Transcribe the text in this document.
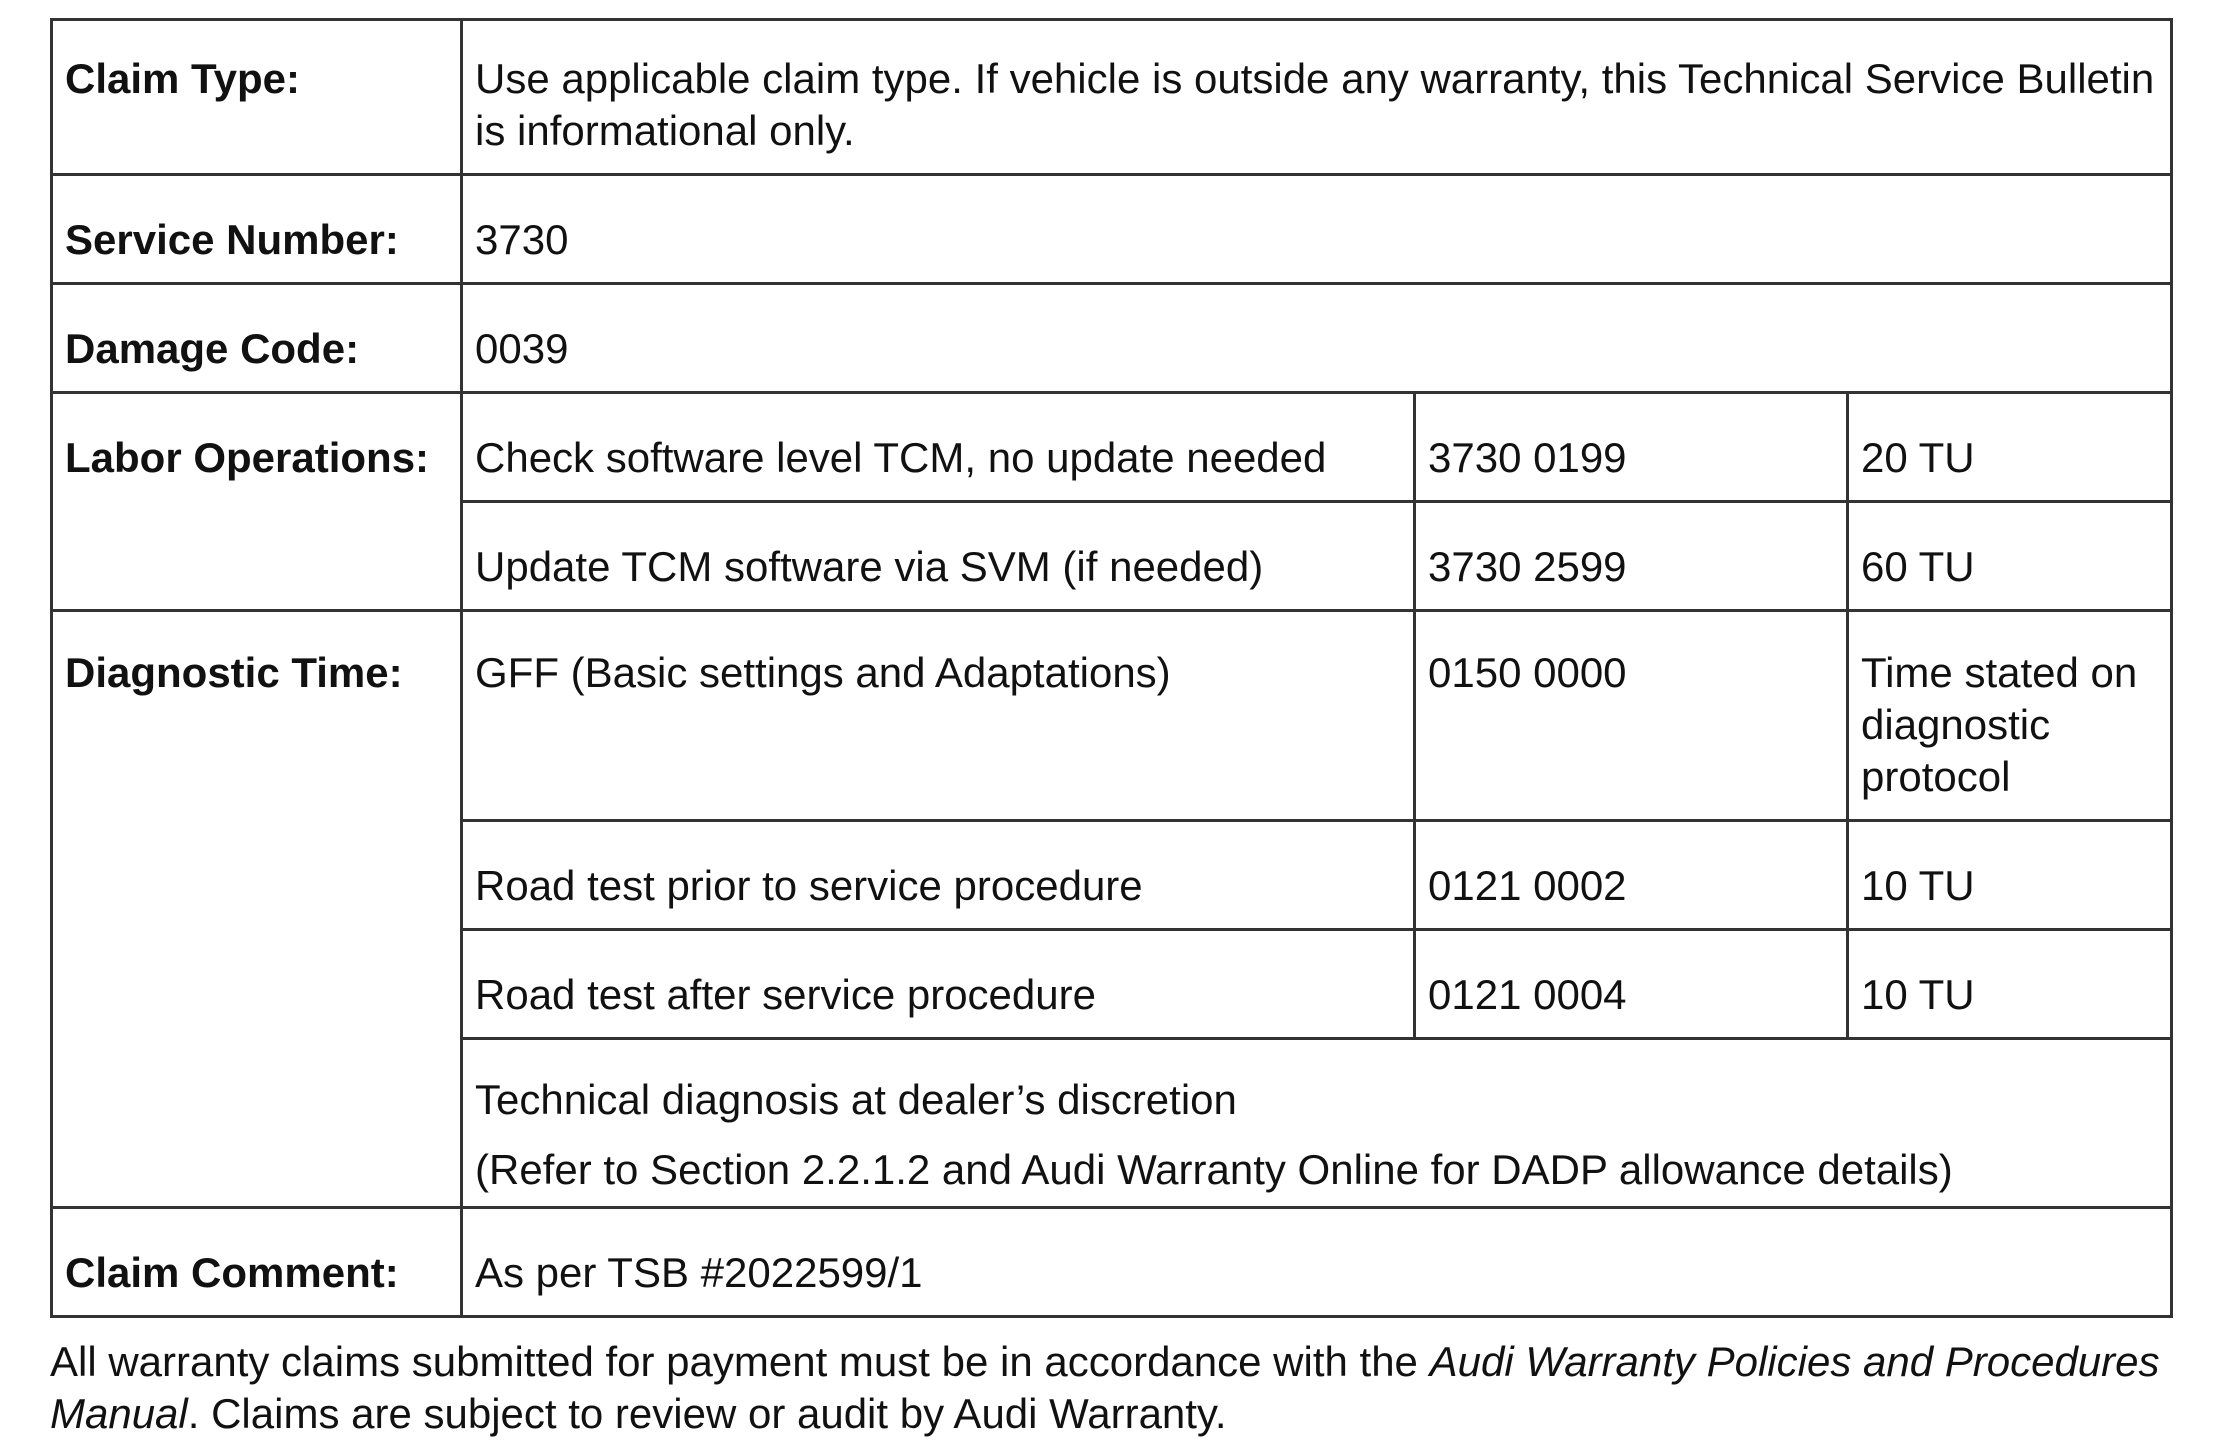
Claim Type:	Use applicable claim type. If vehicle is outside any warranty, this Technical Service Bulletin is informational only.		
Service Number:	3730		
Damage Code:	0039		
Labor Operations:	Check software level TCM, no update needed	3730 0199	20 TU
	Update TCM software via SVM (if needed)	3730 2599	60 TU
Diagnostic Time:	GFF (Basic settings and Adaptations)	0150 0000	Time stated on diagnostic protocol
	Road test prior to service procedure	0121 0002	10 TU
	Road test after service procedure	0121 0004	10 TU
	Technical diagnosis at dealer’s discretion
(Refer to Section 2.2.1.2 and Audi Warranty Online for DADP allowance details)		

Claim Comment:	As per TSB #2022599/1		
All warranty claims submitted for payment must be in accordance with the Audi Warranty Policies and Procedures Manual. Claims are subject to review or audit by Audi Warranty.
